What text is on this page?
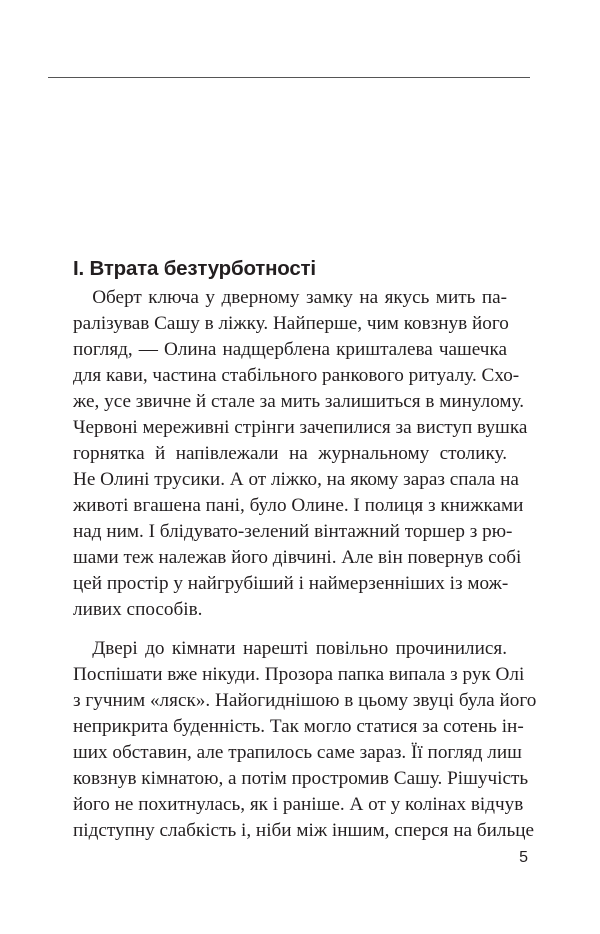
I. Втрата безтурботності
 Оберт ключа у дверному замку на якусь мить па-
ралізував Сашу в ліжку. Найперше, чим ковзнув його
погляд, — Олина надщерблена кришталева чашечка
для кави, частина стабільного ранкового ритуалу. Схо-
же, усе звичне й стале за мить залишиться в минулому.
Червоні мереживні стрінги зачепилися за виступ вушка
горнятка й напівлежали на журнальному столику.
Не Олині трусики. А от ліжко, на якому зараз спала на
животі вгашена пані, було Олине. І полиця з книжками
над ним. І блідувато-зелений вінтажний торшер з рю-
шами теж належав його дівчині. Але він повернув собі
цей простір у найгрубіший і наймерзенніших із мож-
ливих способів.
 Двері до кімнати нарешті повільно прочинилися.
Поспішати вже нікуди. Прозора папка випала з рук Олі
з гучним «ляск». Найогиднішою в цьому звуці була його
неприкрита буденність. Так могло статися за сотень ін-
ших обставин, але трапилось саме зараз. Її погляд лиш
ковзнув кімнатою, а потім простромив Сашу. Рішучість
його не похитнулась, як і раніше. А от у колінах відчув
підступну слабкість і, ніби між іншим, сперся на бильце
5
